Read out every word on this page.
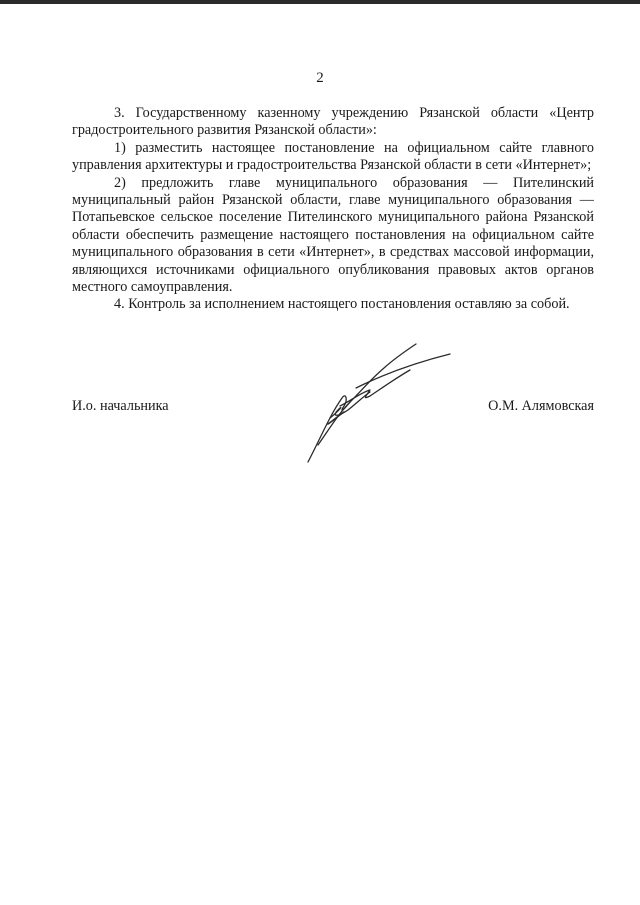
2

3. Государственному казенному учреждению Рязанской области «Центр градостроительного развития Рязанской области»:

1) разместить настоящее постановление на официальном сайте главного управления архитектуры и градостроительства Рязанской области в сети «Интернет»;

2) предложить главе муниципального образования — Пителинский муниципальный район Рязанской области, главе муниципального образования — Потапьевское сельское поселение Пителинского муниципального района Рязанской области обеспечить размещение настоящего постановления на официальном сайте муниципального образования в сети «Интернет», в средствах массовой информации, являющихся источниками официального опубликования правовых актов органов местного самоуправления.

4. Контроль за исполнением настоящего постановления оставляю за собой.

И.о. начальника	О.М. Алямовская
